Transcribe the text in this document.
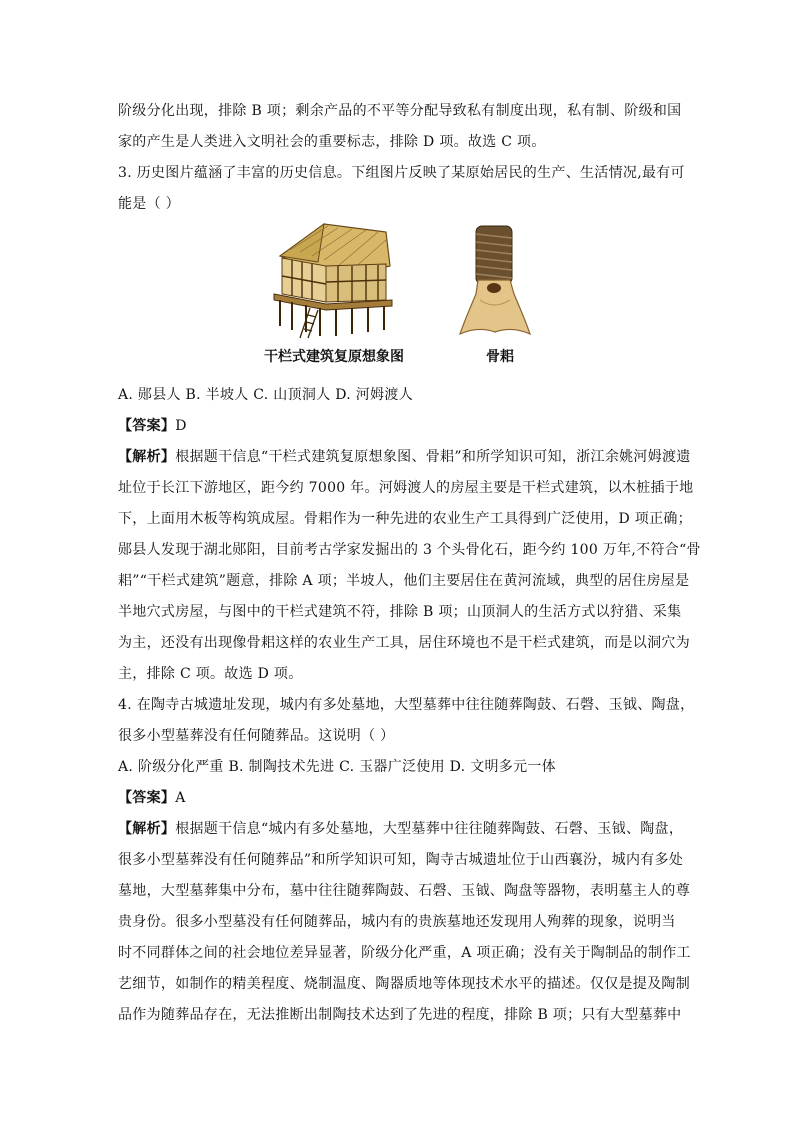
阶级分化出现，排除 B 项；剩余产品的不平等分配导致私有制度出现，私有制、阶级和国
家的产生是人类进入文明社会的重要标志，排除 D 项。故选 C 项。
3. 历史图片蕴涵了丰富的历史信息。下组图片反映了某原始居民的生产、生活情况,最有可
能是（ ）
干栏式建筑复原想象图	骨耜
A. 郧县人 B. 半坡人 C. 山顶洞人 D. 河姆渡人
【答案】D
【解析】根据题干信息“干栏式建筑复原想象图、骨耜”和所学知识可知，浙江余姚河姆渡遗
址位于长江下游地区，距今约 7000 年。河姆渡人的房屋主要是干栏式建筑，以木桩插于地
下，上面用木板等构筑成屋。骨耜作为一种先进的农业生产工具得到广泛使用，D 项正确；
郧县人发现于湖北郧阳，目前考古学家发掘出的 3 个头骨化石，距今约 100 万年,不符合“骨
耜”“干栏式建筑”题意，排除 A 项；半坡人，他们主要居住在黄河流域，典型的居住房屋是
半地穴式房屋，与图中的干栏式建筑不符，排除 B 项；山顶洞人的生活方式以狩猎、采集
为主，还没有出现像骨耜这样的农业生产工具，居住环境也不是干栏式建筑，而是以洞穴为
主，排除 C 项。故选 D 项。
4. 在陶寺古城遗址发现，城内有多处墓地，大型墓葬中往往随葬陶鼓、石磬、玉钺、陶盘，
很多小型墓葬没有任何随葬品。这说明（ ）
A. 阶级分化严重 B. 制陶技术先进 C. 玉器广泛使用 D. 文明多元一体
【答案】A
【解析】根据题干信息“城内有多处墓地，大型墓葬中往往随葬陶鼓、石磬、玉钺、陶盘，
很多小型墓葬没有任何随葬品”和所学知识可知，陶寺古城遗址位于山西襄汾，城内有多处
墓地，大型墓葬集中分布，墓中往往随葬陶鼓、石磬、玉钺、陶盘等器物，表明墓主人的尊
贵身份。很多小型墓没有任何随葬品，城内有的贵族墓地还发现用人殉葬的现象，说明当
时不同群体之间的社会地位差异显著，阶级分化严重，A 项正确；没有关于陶制品的制作工
艺细节，如制作的精美程度、烧制温度、陶器质地等体现技术水平的描述。仅仅是提及陶制
品作为随葬品存在，无法推断出制陶技术达到了先进的程度，排除 B 项；只有大型墓葬中
